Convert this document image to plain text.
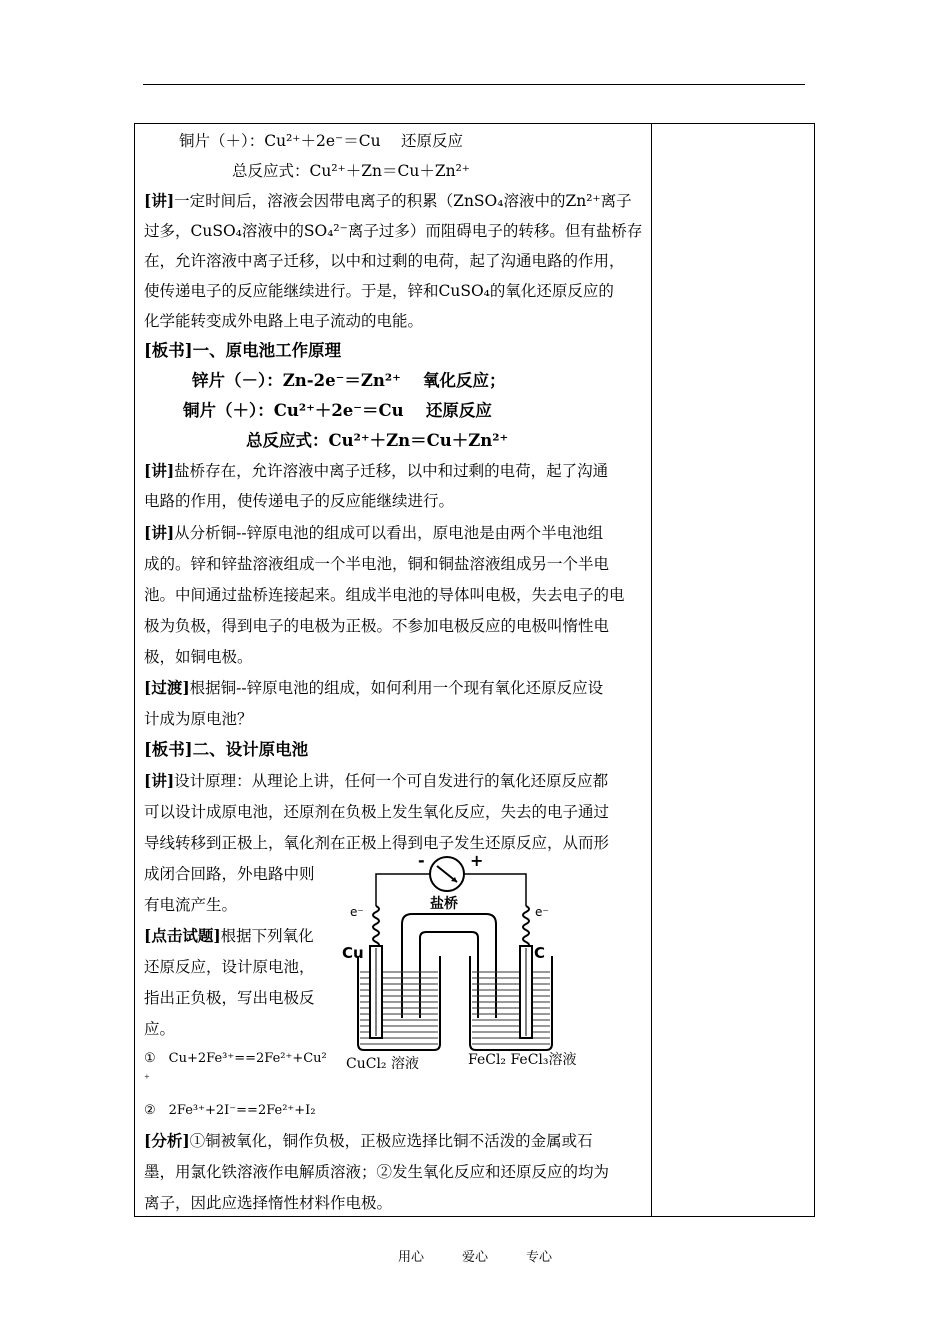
铜片（＋）：Cu²⁺＋2e⁻＝Cu　 还原反应
总反应式：Cu²⁺＋Zn＝Cu＋Zn²⁺
[讲]一定时间后，溶液会因带电离子的积累（ZnSO₄溶液中的Zn²⁺离子
过多，CuSO₄溶液中的SO₄²⁻离子过多）而阻碍电子的转移。但有盐桥存
在，允许溶液中离子迁移，以中和过剩的电荷，起了沟通电路的作用，
使传递电子的反应能继续进行。于是，锌和CuSO₄的氧化还原反应的
化学能转变成外电路上电子流动的电能。
[板书]一、原电池工作原理
锌片（－）：Zn-2e⁻＝Zn²⁺　 氧化反应；
铜片（＋）：Cu²⁺＋2e⁻＝Cu　 还原反应
总反应式：Cu²⁺＋Zn＝Cu＋Zn²⁺
[讲]盐桥存在，允许溶液中离子迁移，以中和过剩的电荷，起了沟通
电路的作用，使传递电子的反应能继续进行。
[讲]从分析铜--锌原电池的组成可以看出，原电池是由两个半电池组
成的。锌和锌盐溶液组成一个半电池，铜和铜盐溶液组成另一个半电
池。中间通过盐桥连接起来。组成半电池的导体叫电极，失去电子的电
极为负极，得到电子的电极为正极。不参加电极反应的电极叫惰性电
极，如铜电极。
[过渡]根据铜--锌原电池的组成，如何利用一个现有氧化还原反应设
计成为原电池？
[板书]二、设计原电池
[讲]设计原理：从理论上讲，任何一个可自发进行的氧化还原反应都
可以设计成原电池，还原剂在负极上发生氧化反应，失去的电子通过
导线转移到正极上，氧化剂在正极上得到电子发生还原反应，从而形
成闭合回路，外电路中则
有电流产生。
[点击试题]根据下列氧化
还原反应，设计原电池，
指出正负极，写出电极反
应。
①　Cu+2Fe³⁺==2Fe²⁺+Cu²
⁺
②　2Fe³⁺+2I⁻==2Fe²⁺+I₂
[分析]①铜被氧化，铜作负极，正极应选择比铜不活泼的金属或石
墨，用氯化铁溶液作电解质溶液；②发生氧化反应和还原反应的均为
离子，因此应选择惰性材料作电极。
-	+
e⁻	e⁻
盐桥
Cu	C
CuCl₂ 溶液	FeCl₂ FeCl₃溶液
用心	爱心	专心
